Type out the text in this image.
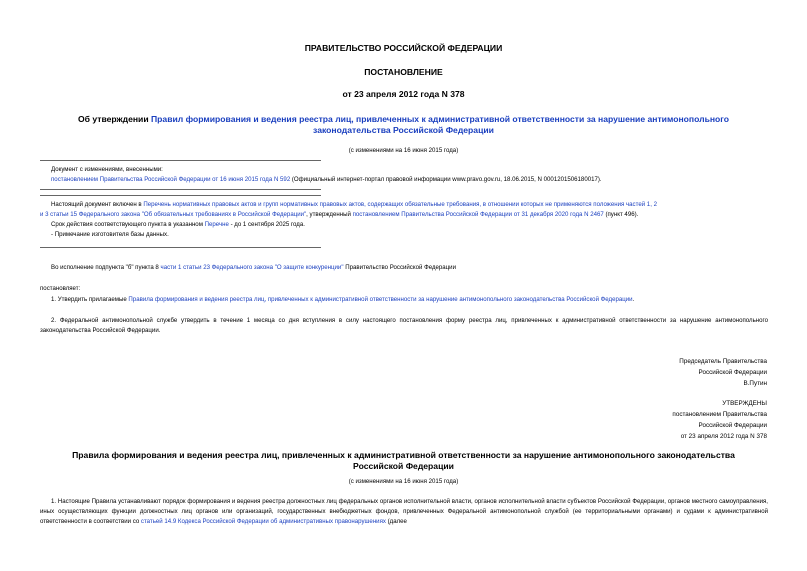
ПРАВИТЕЛЬСТВО РОССИЙСКОЙ ФЕДЕРАЦИИ
ПОСТАНОВЛЕНИЕ
от 23 апреля 2012 года N 378
Об утверждении Правил формирования и ведения реестра лиц, привлеченных к административной ответственности за нарушение антимонопольного
законодательства Российской Федерации
(с изменениями на 16 июня 2015 года)
Документ с изменениями, внесенными:
постановлением Правительства Российской Федерации от 16 июня 2015 года N 592 (Официальный интернет-портал правовой информации www.pravo.gov.ru, 18.06.2015, N 0001201506180017).
Настоящий документ включен в Перечень нормативных правовых актов и групп нормативных правовых актов, содержащих обязательные требования, в отношении которых не применяются положения частей 1, 2
и 3 статьи 15 Федерального закона "Об обязательных требованиях в Российской Федерации", утвержденный постановлением Правительства Российской Федерации от 31 декабря 2020 года N 2467 (пункт 496).
Срок действия соответствующего пункта в указанном Перечне - до 1 сентября 2025 года.
- Примечание изготовителя базы данных.
Во исполнение подпункта "б" пункта 8 части 1 статьи 23 Федерального закона "О защите конкуренции" Правительство Российской Федерации
постановляет:
1. Утвердить прилагаемые Правила формирования и ведения реестра лиц, привлеченных к административной ответственности за нарушение антимонопольного законодательства Российской Федерации.
2. Федеральной антимонопольной службе утвердить в течение 1 месяца со дня вступления в силу настоящего постановления форму реестра лиц, привлеченных к административной ответственности за нарушение антимонопольного законодательства Российской Федерации.
Председатель Правительства
Российской Федерации
В.Путин
УТВЕРЖДЕНЫ
постановлением Правительства
Российской Федерации
от 23 апреля 2012 года N 378
Правила формирования и ведения реестра лиц, привлеченных к административной ответственности за нарушение антимонопольного законодательства
Российской Федерации
(с изменениями на 16 июня 2015 года)
1. Настоящие Правила устанавливают порядок формирования и ведения реестра должностных лиц федеральных органов исполнительной власти, органов исполнительной власти субъектов Российской Федерации, органов местного самоуправления, иных осуществляющих функции должностных лиц органов или организаций, государственных внебюджетных фондов, привлеченных Федеральной антимонопольной службой (ее территориальными органами) и судами к административной ответственности в соответствии со статьей 14.9 Кодекса Российской Федерации об административных правонарушениях (далее
